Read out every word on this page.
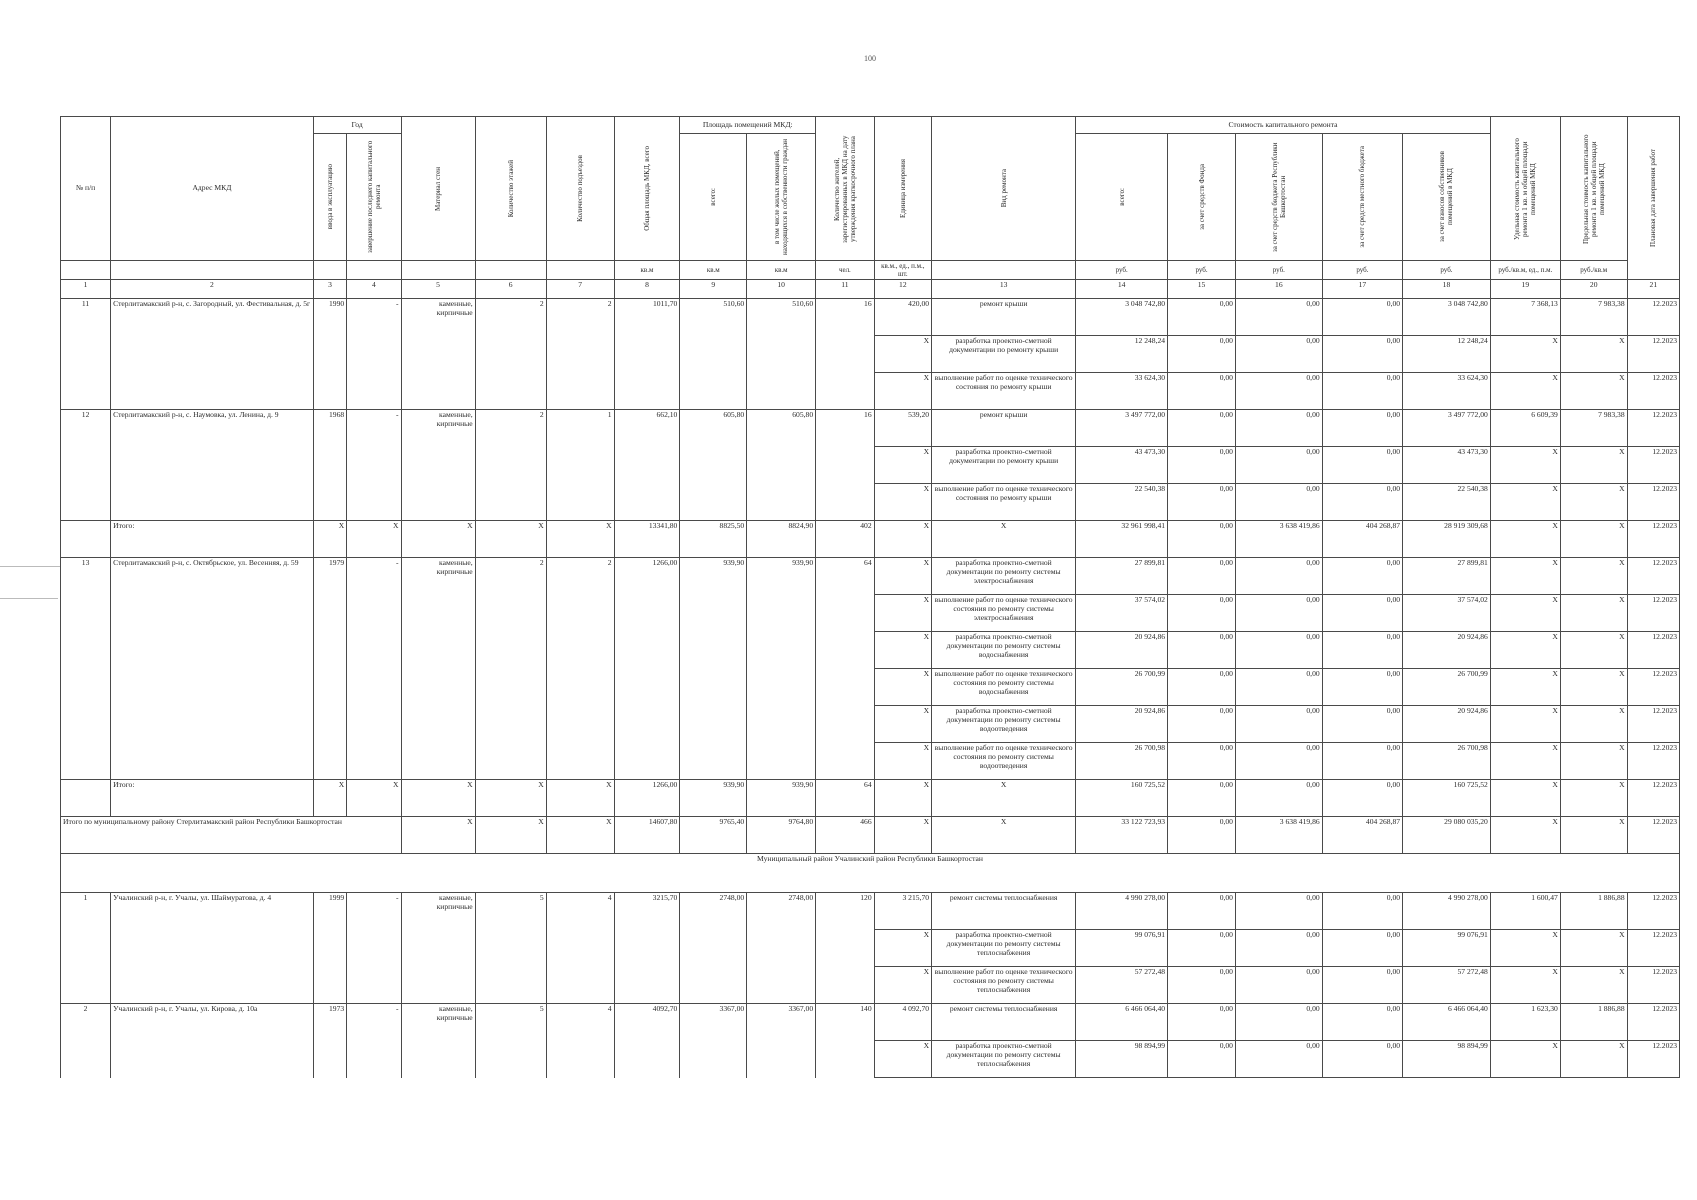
100
№ п/п	Адрес МКД	Год		Материал стен	Количество этажей	Количество подъездов	Общая площадь МКД, всего	Площадь помещений МКД:		Количество жителей, зарегистрированных в МКД на дату утверждения краткосрочного плана	Единица измерения	Вид ремонта	Стоимость капитального ремонта					Удельная стоимость капитального ремонта 1 кв. м общей площади помещений МКД	Предельная стоимость капитального ремонта 1 кв. м общей площади помещений МКД	Плановая дата завершения работ

		ввода в эксплуатацию	завершение последнего капитального ремонта					всего:	в том числе жилых помещений, находящихся в собственности граждан				всего:	за счет средств Фонда	за счет средств бюджета Республики Башкортостан	за счет средств местного бюджета	за счет взносов собственников помещений в МКД			

							кв.м	кв.м	кв.м	чел.	кв.м., ед., п.м., шт.		руб.	руб.	руб.	руб.	руб.	руб./кв.м, ед., п.м.	руб./кв.м	
1	2	3	4	5	6	7	8	9	10	11	12	13	14	15	16	17	18	19	20	21
11	Стерлитамакский р-н, с. Загородный, ул. Фестивальная, д. 5г	1990	-	каменные, кирпичные	2	2	1011,70	510,60	510,60	16	420,00	ремонт крыши	3 048 742,80	0,00	0,00	0,00	3 048 742,80	7 368,13	7 983,38	12.2023
											X	разработка проектно-сметной документации по ремонту крыши	12 248,24	0,00	0,00	0,00	12 248,24	X	X	12.2023
											X	выполнение работ по оценке технического состояния по ремонту крыши	33 624,30	0,00	0,00	0,00	33 624,30	X	X	12.2023
12	Стерлитамакский р-н, с. Наумовка, ул. Ленина, д. 9	1968	-	каменные, кирпичные	2	1	662,10	605,80	605,80	16	539,20	ремонт крыши	3 497 772,00	0,00	0,00	0,00	3 497 772,00	6 609,39	7 983,38	12.2023
											X	разработка проектно-сметной документации по ремонту крыши	43 473,30	0,00	0,00	0,00	43 473,30	X	X	12.2023
											X	выполнение работ по оценке технического состояния по ремонту крыши	22 540,38	0,00	0,00	0,00	22 540,38	X	X	12.2023
	Итого:	X	X	X	X	X	13341,80	8825,50	8824,90	402	X	X	32 961 998,41	0,00	3 638 419,86	404 268,87	28 919 309,68	X	X	12.2023
13	Стерлитамакский р-н, с. Октябрьское, ул. Весенняя, д. 59	1979	-	каменные, кирпичные	2	2	1266,00	939,90	939,90	64	X	разработка проектно-сметной документации по ремонту системы электроснабжения	27 899,81	0,00	0,00	0,00	27 899,81	X	X	12.2023
											X	выполнение работ по оценке технического состояния по ремонту системы электроснабжения	37 574,02	0,00	0,00	0,00	37 574,02	X	X	12.2023
											X	разработка проектно-сметной документации по ремонту системы водоснабжения	20 924,86	0,00	0,00	0,00	20 924,86	X	X	12.2023
											X	выполнение работ по оценке технического состояния по ремонту системы водоснабжения	26 700,99	0,00	0,00	0,00	26 700,99	X	X	12.2023
											X	разработка проектно-сметной документации по ремонту системы водоотведения	20 924,86	0,00	0,00	0,00	20 924,86	X	X	12.2023
											X	выполнение работ по оценке технического состояния по ремонту системы водоотведения	26 700,98	0,00	0,00	0,00	26 700,98	X	X	12.2023
	Итого:	X	X	X	X	X	1266,00	939,90	939,90	64	X	X	160 725,52	0,00	0,00	0,00	160 725,52	X	X	12.2023
Итого по муниципальному району Стерлитамакский район Республики Башкортостан				X	X	X	14607,80	9765,40	9764,80	466	X	X	33 122 723,93	0,00	3 638 419,86	404 268,87	29 080 035,20	X	X	12.2023
Муниципальный район Учалинский район Республики Башкортостан																				
1	Учалинский р-н, г. Учалы, ул. Шаймуратова, д. 4	1999	-	каменные, кирпичные	5	4	3215,70	2748,00	2748,00	120	3 215,70	ремонт системы теплоснабжения	4 990 278,00	0,00	0,00	0,00	4 990 278,00	1 600,47	1 886,88	12.2023
											X	разработка проектно-сметной документации по ремонту системы теплоснабжения	99 076,91	0,00	0,00	0,00	99 076,91	X	X	12.2023
											X	выполнение работ по оценке технического состояния по ремонту системы теплоснабжения	57 272,48	0,00	0,00	0,00	57 272,48	X	X	12.2023
2	Учалинский р-н, г. Учалы, ул. Кирова, д. 10а	1973	-	каменные, кирпичные	5	4	4092,70	3367,00	3367,00	140	4 092,70	ремонт системы теплоснабжения	6 466 064,40	0,00	0,00	0,00	6 466 064,40	1 623,30	1 886,88	12.2023
											X	разработка проектно-сметной документации по ремонту системы теплоснабжения	98 894,99	0,00	0,00	0,00	98 894,99	X	X	12.2023
